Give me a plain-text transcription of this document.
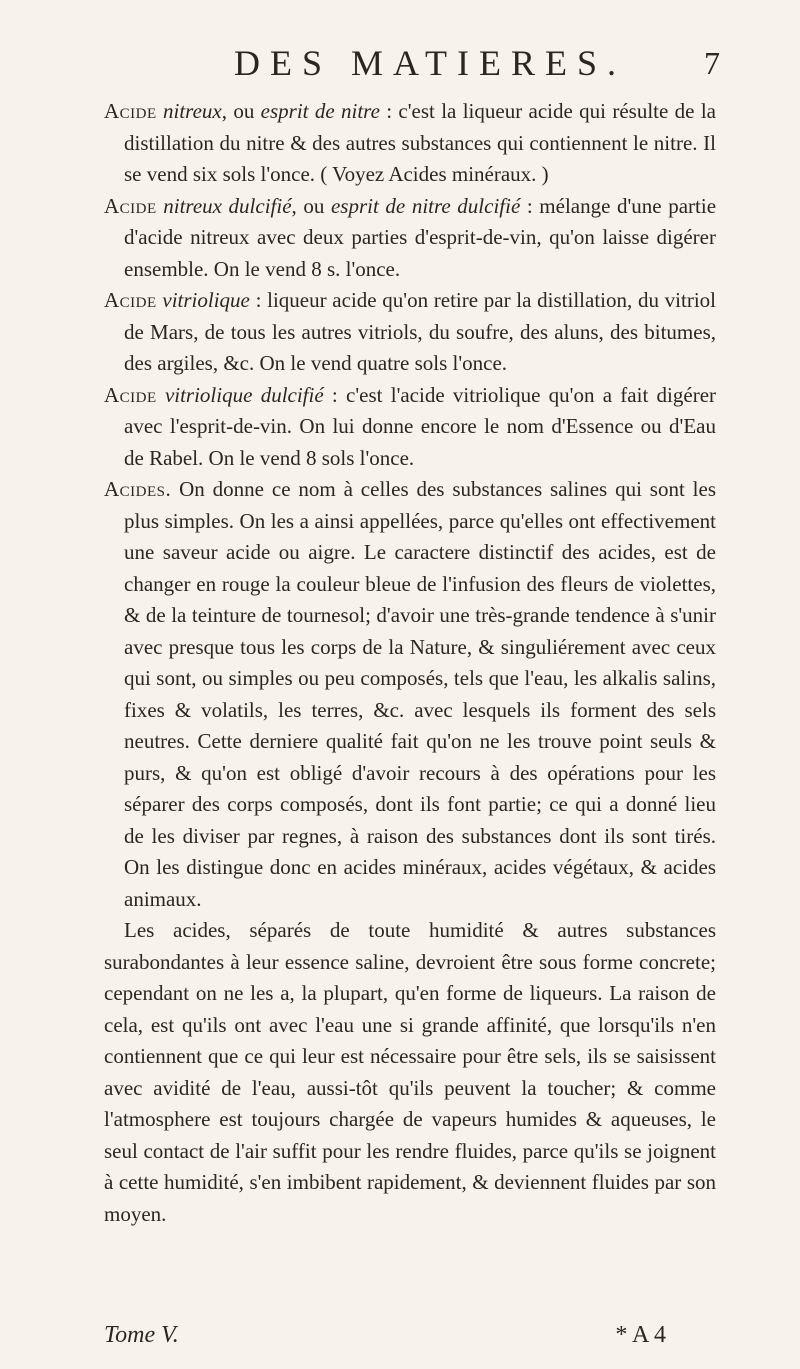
DES MATIERES.	7

Acide nitreux, ou esprit de nitre : c'est la liqueur acide qui résulte de la distillation du nitre & des autres substances qui contiennent le nitre. Il se vend six sols l'once. ( Voyez Acides minéraux. )

Acide nitreux dulcifié, ou esprit de nitre dulcifié : mélange d'une partie d'acide nitreux avec deux parties d'esprit-de-vin, qu'on laisse digérer ensemble. On le vend 8 s. l'once.

Acide vitriolique : liqueur acide qu'on retire par la distillation, du vitriol de Mars, de tous les autres vitriols, du soufre, des aluns, des bitumes, des argiles, &c. On le vend quatre sols l'once.

Acide vitriolique dulcifié : c'est l'acide vitriolique qu'on a fait digérer avec l'esprit-de-vin. On lui donne encore le nom d'Essence ou d'Eau de Rabel. On le vend 8 sols l'once.

Acides. On donne ce nom à celles des substances salines qui sont les plus simples. On les a ainsi appellées, parce qu'elles ont effectivement une saveur acide ou aigre. Le caractere distinctif des acides, est de changer en rouge la couleur bleue de l'infusion des fleurs de violettes, & de la teinture de tournesol; d'avoir une très-grande tendence à s'unir avec presque tous les corps de la Nature, & singuliérement avec ceux qui sont, ou simples ou peu composés, tels que l'eau, les alkalis salins, fixes & volatils, les terres, &c. avec lesquels ils forment des sels neutres. Cette derniere qualité fait qu'on ne les trouve point seuls & purs, & qu'on est obligé d'avoir recours à des opérations pour les séparer des corps composés, dont ils font partie; ce qui a donné lieu de les diviser par regnes, à raison des substances dont ils sont tirés. On les distingue donc en acides minéraux, acides végétaux, & acides animaux.

Les acides, séparés de toute humidité & autres substances surabondantes à leur essence saline, devroient être sous forme concrete; cependant on ne les a, la plupart, qu'en forme de liqueurs. La raison de cela, est qu'ils ont avec l'eau une si grande affinité, que lorsqu'ils n'en contiennent que ce qui leur est nécessaire pour être sels, ils se saisissent avec avidité de l'eau, aussi-tôt qu'ils peuvent la toucher; & comme l'atmosphere est toujours chargée de vapeurs humides & aqueuses, le seul contact de l'air suffit pour les rendre fluides, parce qu'ils se joignent à cette humidité, s'en imbibent rapidement, & deviennent fluides par son moyen.

Tome V.	* A 4
